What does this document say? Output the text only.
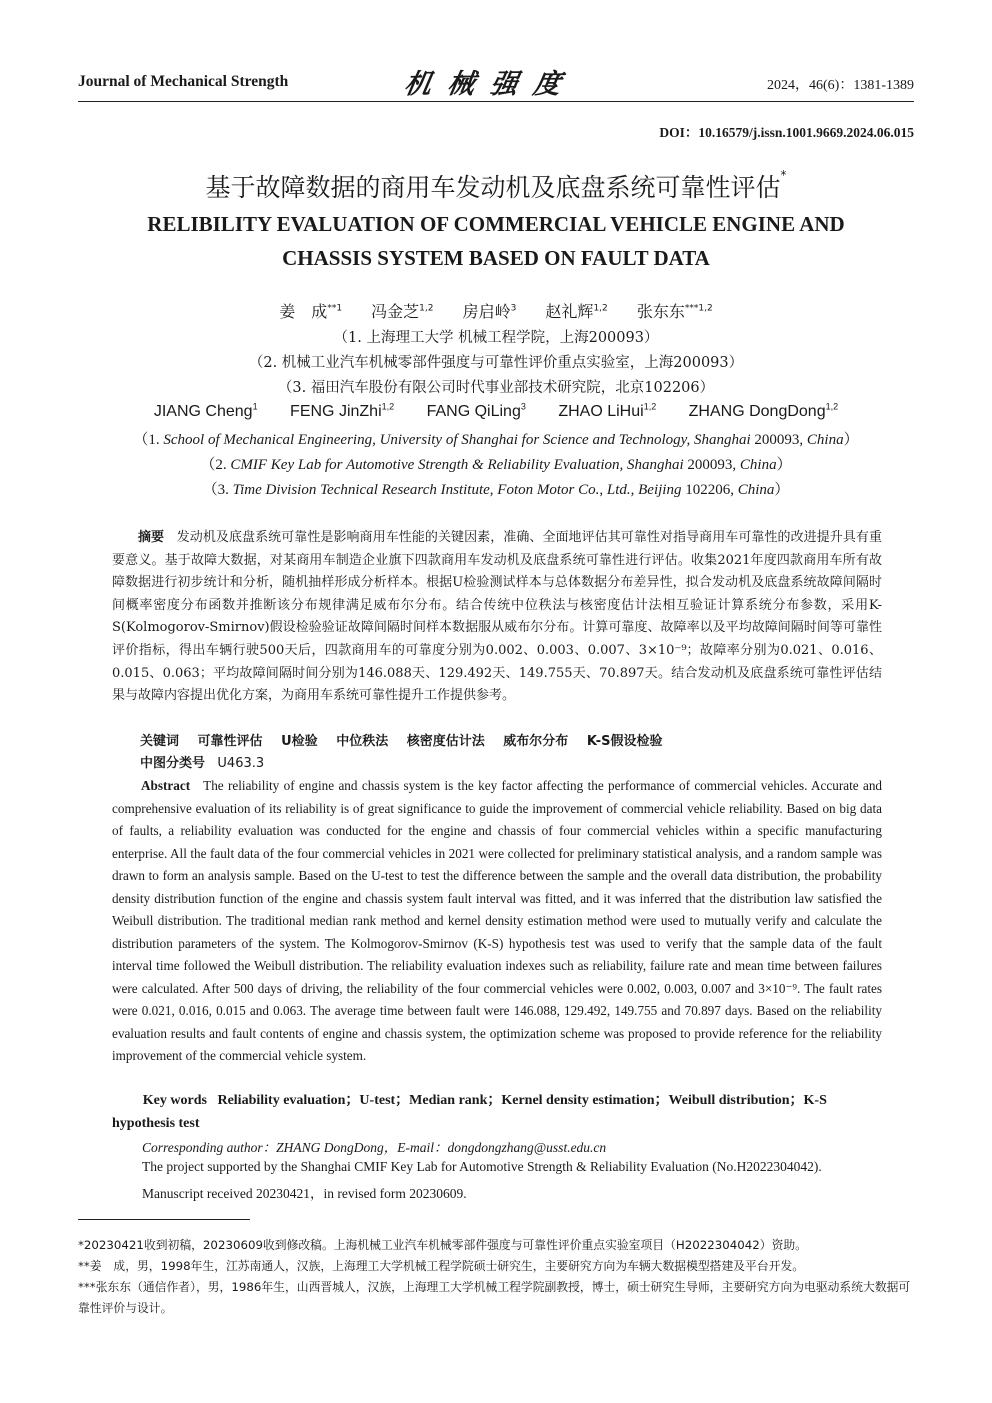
Journal of Mechanical Strength	机械强度	2024，46(6)：1381-1389
DOI：10.16579/j.issn.1001.9669.2024.06.015
基于故障数据的商用车发动机及底盘系统可靠性评估*
RELIBILITY EVALUATION OF COMMERCIAL VEHICLE ENGINE AND
CHASSIS SYSTEM BASED ON FAULT DATA
姜　成$^{**1}$ 冯金芝$^{1,2}$ 房启岭$^3$ 赵礼辉$^{1,2}$ 张东东$^{***1,2}$
（1. 上海理工大学 机械工程学院，上海200093）
（2. 机械工业汽车机械零部件强度与可靠性评价重点实验室，上海200093）
（3. 福田汽车股份有限公司时代事业部技术研究院，北京102206）
JIANG Cheng$^1$ FENG JinZhi$^{1,2}$ FANG QiLing$^3$ ZHAO LiHui$^{1,2}$ ZHANG DongDong$^{1,2}$
（1. School of Mechanical Engineering, University of Shanghai for Science and Technology, Shanghai 200093, China）
（2. CMIF Key Lab for Automotive Strength & Reliability Evaluation, Shanghai 200093, China）
（3. Time Division Technical Research Institute, Foton Motor Co., Ltd., Beijing 102206, China）

摘要 发动机及底盘系统可靠性是影响商用车性能的关键因素，准确、全面地评估其可靠性对指导商用车可靠性的改进提升具有重要意义。基于故障大数据，对某商用车制造企业旗下四款商用车发动机及底盘系统可靠性进行评估。收集2021年度四款商用车所有故障数据进行初步统计和分析，随机抽样形成分析样本。根据U检验测试样本与总体数据分布差异性，拟合发动机及底盘系统故障间隔时间概率密度分布函数并推断该分布规律满足威布尔分布。结合传统中位秩法与核密度估计法相互验证计算系统分布参数，采用K-S(Kolmogorov-Smirnov)假设检验验证故障间隔时间样本数据服从威布尔分布。计算可靠度、故障率以及平均故障间隔时间等可靠性评价指标，得出车辆行驶500天后，四款商用车的可靠度分别为0.002、0.003、0.007、3×10⁻⁹；故障率分别为0.021、0.016、0.015、0.063；平均故障间隔时间分别为146.088天、129.492天、149.755天、70.897天。结合发动机及底盘系统可靠性评估结果与故障内容提出优化方案，为商用车系统可靠性提升工作提供参考。

关键词 可靠性评估 U检验 中位秩法 核密度估计法 威布尔分布 K-S假设检验
中图分类号 U463.3

Abstract The reliability of engine and chassis system is the key factor affecting the performance of commercial vehicles. Accurate and comprehensive evaluation of its reliability is of great significance to guide the improvement of commercial vehicle reliability. Based on big data of faults, a reliability evaluation was conducted for the engine and chassis of four commercial vehicles within a specific manufacturing enterprise. All the fault data of the four commercial vehicles in 2021 were collected for preliminary statistical analysis, and a random sample was drawn to form an analysis sample. Based on the U-test to test the difference between the sample and the overall data distribution, the probability density distribution function of the engine and chassis system fault interval was fitted, and it was inferred that the distribution law satisfied the Weibull distribution. The traditional median rank method and kernel density estimation method were used to mutually verify and calculate the distribution parameters of the system. The Kolmogorov-Smirnov (K-S) hypothesis test was used to verify that the sample data of the fault interval time followed the Weibull distribution. The reliability evaluation indexes such as reliability, failure rate and mean time between failures were calculated. After 500 days of driving, the reliability of the four commercial vehicles were 0.002, 0.003, 0.007 and 3×10⁻⁹. The fault rates were 0.021, 0.016, 0.015 and 0.063. The average time between fault were 146.088, 129.492, 149.755 and 70.897 days. Based on the reliability evaluation results and fault contents of engine and chassis system, the optimization scheme was proposed to provide reference for the reliability improvement of the commercial vehicle system.

Key words Reliability evaluation；U-test；Median rank；Kernel density estimation；Weibull distribution；K-S hypothesis test

Corresponding author：ZHANG DongDong，E-mail：dongdongzhang@usst.edu.cn
The project supported by the Shanghai CMIF Key Lab for Automotive Strength & Reliability Evaluation (No.H2022304042).
Manuscript received 20230421，in revised form 20230609.

*20230421收到初稿，20230609收到修改稿。上海机械工业汽车机械零部件强度与可靠性评价重点实验室项目（H2022304042）资助。

**姜　成，男，1998年生，江苏南通人，汉族，上海理工大学机械工程学院硕士研究生，主要研究方向为车辆大数据模型搭建及平台开发。

***张东东（通信作者），男，1986年生，山西晋城人，汉族，上海理工大学机械工程学院副教授，博士，硕士研究生导师，主要研究方向为电驱动系统大数据可靠性评价与设计。
